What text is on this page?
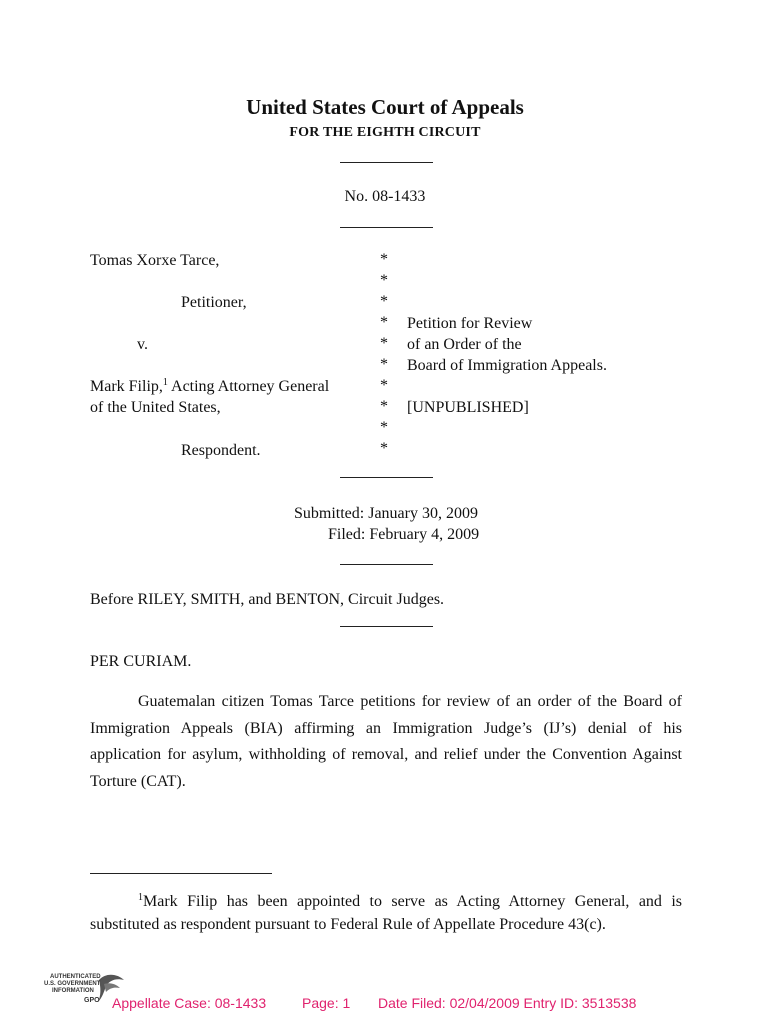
United States Court of Appeals
FOR THE EIGHTH CIRCUIT
No. 08-1433
Tomas Xorxe Tarce,
Petitioner,
v.
Mark Filip,$^1$ Acting Attorney General
of the United States,
Respondent.
*
*
*
*
*
*
*
*
*
*
Petition for Review
of an Order of the
Board of Immigration Appeals.
[UNPUBLISHED]
Submitted: January 30, 2009
Filed: February 4, 2009
Before RILEY, SMITH, and BENTON, Circuit Judges.
PER CURIAM.
Guatemalan citizen Tomas Tarce petitions for review of an order of the Board of Immigration Appeals (BIA) affirming an Immigration Judge’s (IJ’s) denial of his application for asylum, withholding of removal, and relief under the Convention Against Torture (CAT).
$^1$Mark Filip has been appointed to serve as Acting Attorney General, and is substituted as respondent pursuant to Federal Rule of Appellate Procedure 43(c).
AUTHENTICATED
U.S. GOVERNMENT
INFORMATION
GPO Appellate Case: 08-1433	Page: 1 Date Filed: 02/04/2009 Entry ID: 3513538
